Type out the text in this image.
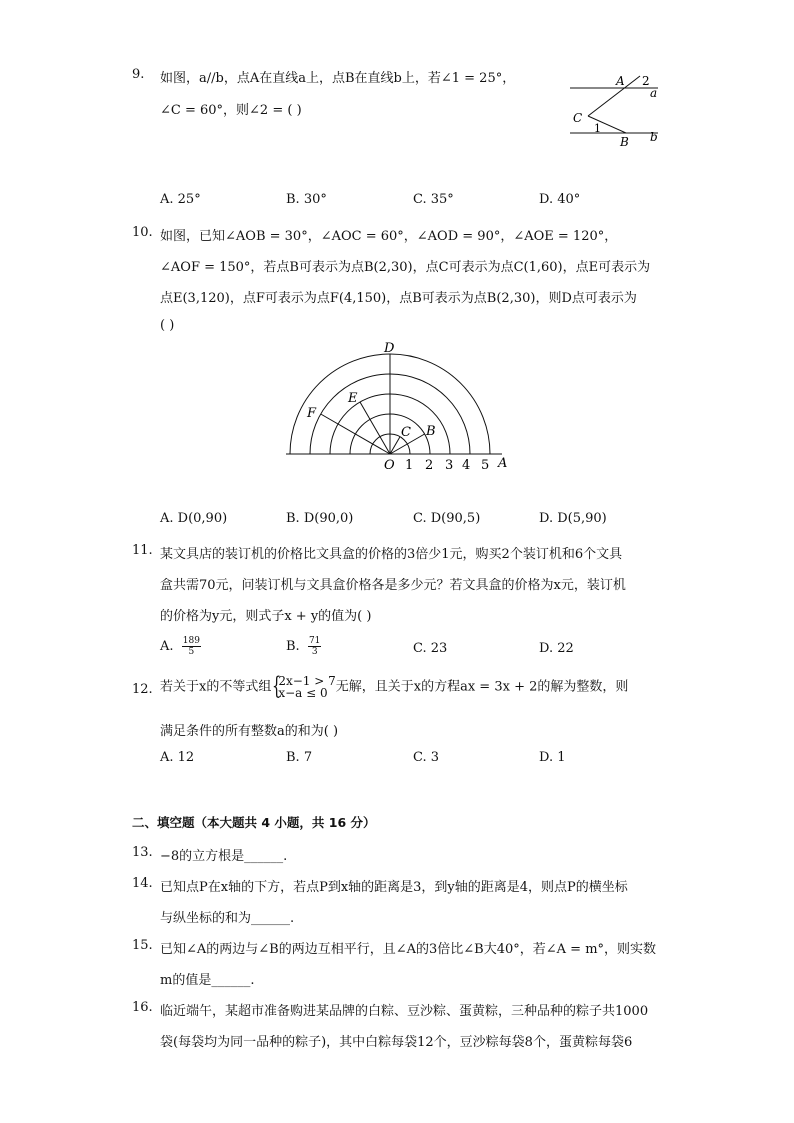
9. 如图，a//b，点A在直线a上，点B在直线b上，若∠1 = 25°，
∠C = 60°，则∠2 = ( )
A 2
a
C
1
B b
A. 25°	B. 30°	C. 35°	D. 40°
10. 如图，已知∠AOB = 30°，∠AOC = 60°，∠AOD = 90°，∠AOE = 120°，
∠AOF = 150°，若点B可表示为点B(2,30)，点C可表示为点C(1,60)，点E可表示为
点E(3,120)，点F可表示为点F(4,150)，点B可表示为点B(2,30)，则D点可表示为
( )
D
F
E
C B
O 1 2 3 4 5 A
A. D(0,90)	B. D(90,0)	C. D(90,5)	D. D(5,90)
11. 某文具店的装订机的价格比文具盒的价格的3倍少1元，购买2个装订机和6个文具
盒共需70元，问装订机与文具盒价格各是多少元？若文具盒的价格为x元，装订机
的价格为y元，则式子x + y的值为( )
A. $\frac{189}{5}$	B. $\frac{71}{3}$	C. 23	D. 22
12. 若关于x的不等式组
{ 2x−1 > 7
x−a ≤ 0 无解，且关于x的方程ax = 3x + 2的解为整数，则
满足条件的所有整数a的和为( )
A. 12	B. 7	C. 3	D. 1
二、填空题（本大题共 4 小题，共 16 分）
13. −8的立方根是______.
14. 已知点P在x轴的下方，若点P到x轴的距离是3，到y轴的距离是4，则点P的横坐标
与纵坐标的和为______.
15. 已知∠A的两边与∠B的两边互相平行，且∠A的3倍比∠B大40°，若∠A = m°，则实数
m的值是______.
16. 临近端午，某超市准备购进某品牌的白粽、豆沙粽、蛋黄粽，三种品种的粽子共1000
袋(每袋均为同一品种的粽子)，其中白粽每袋12个，豆沙粽每袋8个，蛋黄粽每袋6
